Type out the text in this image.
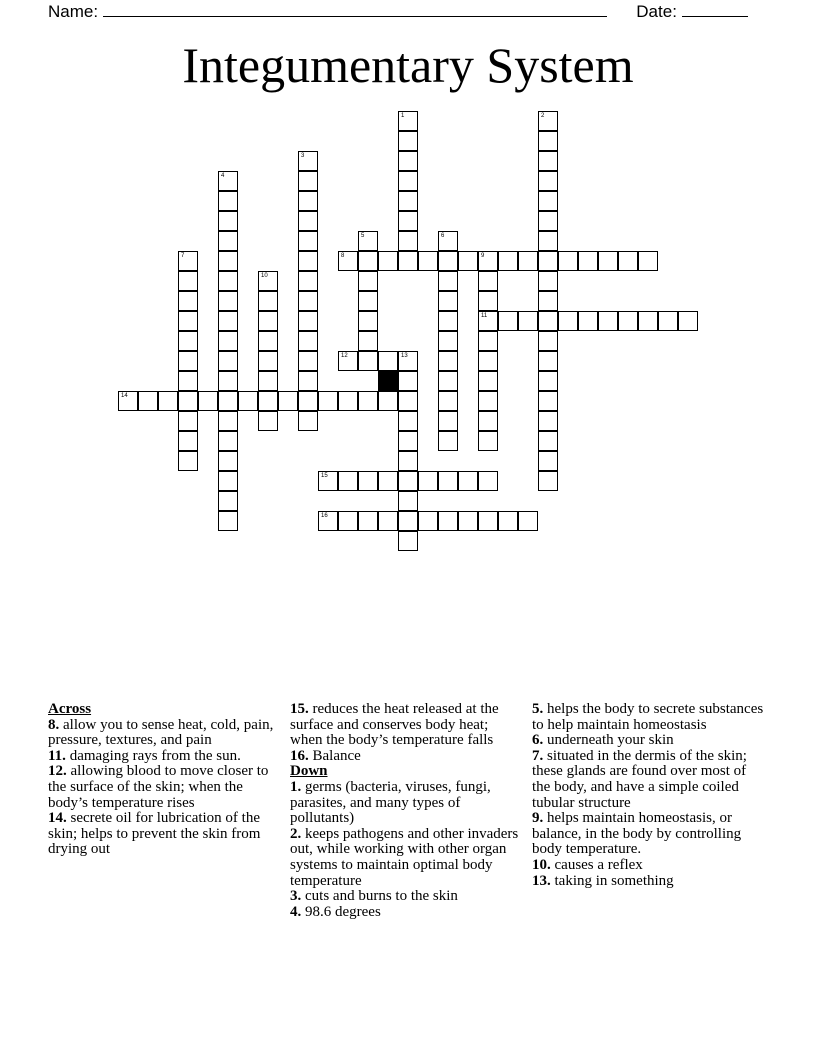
Name:	Date:
Integumentary System
1	2
3
4
5	6
7	8	9
11
10
12	13
14
15
16
Across
8. allow you to sense heat, cold, pain, pressure, textures, and pain
11. damaging rays from the sun.
12. allowing blood to move closer to the surface of the skin; when the body’s temperature rises
14. secrete oil for lubrication of the skin; helps to prevent the skin from drying out
15. reduces the heat released at the surface and conserves body heat; when the body’s temperature falls
16. Balance
Down
1. germs (bacteria, viruses, fungi, parasites, and many types of pollutants)
2. keeps pathogens and other invaders out, while working with other organ systems to maintain optimal body temperature
3. cuts and burns to the skin
4. 98.6 degrees
5. helps the body to secrete substances to help maintain homeostasis
6. underneath your skin
7. situated in the dermis of the skin; these glands are found over most of the body, and have a simple coiled tubular structure
9. helps maintain homeostasis, or balance, in the body by controlling body temperature.
10. causes a reflex
13. taking in something
